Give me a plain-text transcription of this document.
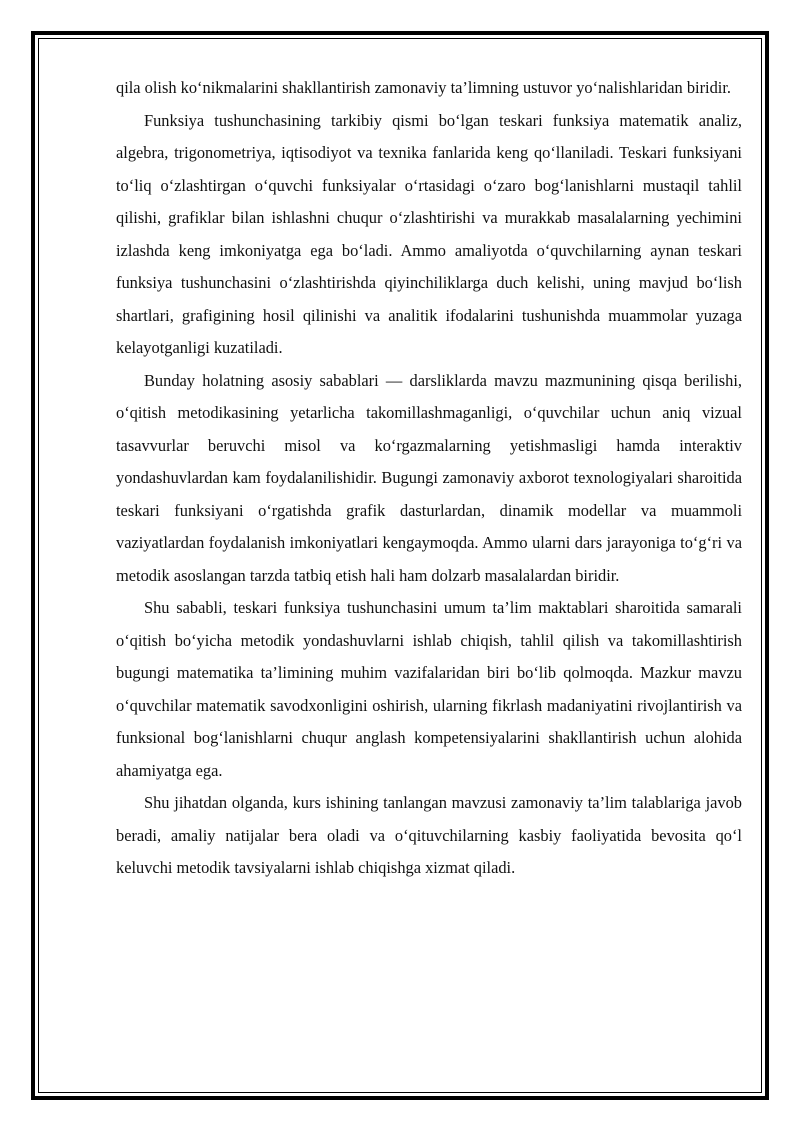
qila olish ko‘nikmalarini shakllantirish zamonaviy ta’limning ustuvor yo‘nalishlaridan biridir.

Funksiya tushunchasining tarkibiy qismi bo‘lgan teskari funksiya matematik analiz, algebra, trigonometriya, iqtisodiyot va texnika fanlarida keng qo‘llaniladi. Teskari funksiyani to‘liq o‘zlashtirgan o‘quvchi funksiyalar o‘rtasidagi o‘zaro bog‘lanishlarni mustaqil tahlil qilishi, grafiklar bilan ishlashni chuqur o‘zlashtirishi va murakkab masalalarning yechimini izlashda keng imkoniyatga ega bo‘ladi. Ammo amaliyotda o‘quvchilarning aynan teskari funksiya tushunchasini o‘zlashtirishda qiyinchiliklarga duch kelishi, uning mavjud bo‘lish shartlari, grafigining hosil qilinishi va analitik ifodalarini tushunishda muammolar yuzaga kelayotganligi kuzatiladi.

Bunday holatning asosiy sabablari — darsliklarda mavzu mazmunining qisqa berilishi, o‘qitish metodikasining yetarlicha takomillashmaganligi, o‘quvchilar uchun aniq vizual tasavvurlar beruvchi misol va ko‘rgazmalarning yetishmasligi hamda interaktiv yondashuvlardan kam foydalanilishidir. Bugungi zamonaviy axborot texnologiyalari sharoitida teskari funksiyani o‘rgatishda grafik dasturlardan, dinamik modellar va muammoli vaziyatlardan foydalanish imkoniyatlari kengaymoqda. Ammo ularni dars jarayoniga to‘g‘ri va metodik asoslangan tarzda tatbiq etish hali ham dolzarb masalalardan biridir.

Shu sababli, teskari funksiya tushunchasini umum ta’lim maktablari sharoitida samarali o‘qitish bo‘yicha metodik yondashuvlarni ishlab chiqish, tahlil qilish va takomillashtirish bugungi matematika ta’limining muhim vazifalaridan biri bo‘lib qolmoqda. Mazkur mavzu o‘quvchilar matematik savodxonligini oshirish, ularning fikrlash madaniyatini rivojlantirish va funksional bog‘lanishlarni chuqur anglash kompetensiyalarini shakllantirish uchun alohida ahamiyatga ega.

Shu jihatdan olganda, kurs ishining tanlangan mavzusi zamonaviy ta’lim talablariga javob beradi, amaliy natijalar bera oladi va o‘qituvchilarning kasbiy faoliyatida bevosita qo‘l keluvchi metodik tavsiyalarni ishlab chiqishga xizmat qiladi.
